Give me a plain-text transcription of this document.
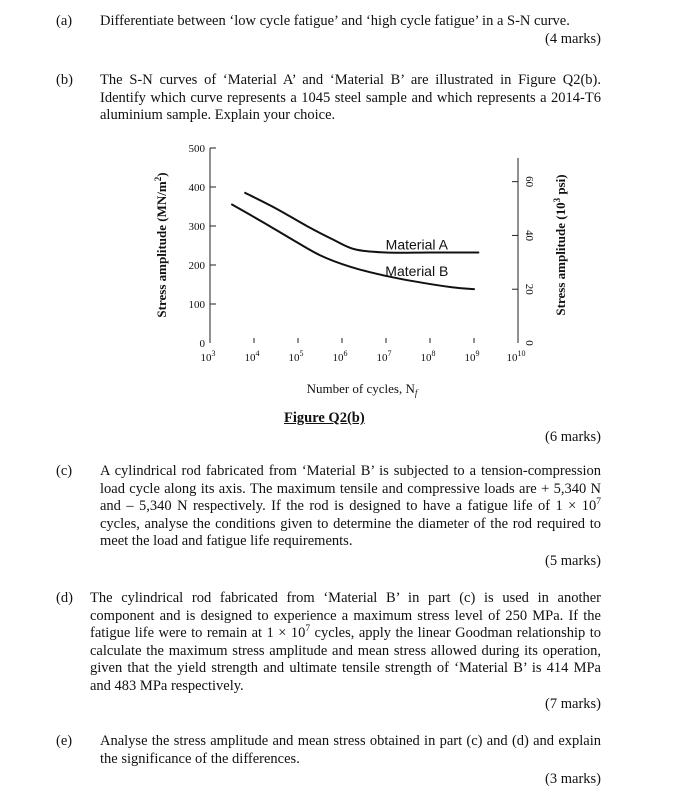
(a) Differentiate between ‘low cycle fatigue’ and ‘high cycle fatigue’ in a S-N curve.
(4 marks)
(b) The S-N curves of ‘Material A’ and ‘Material B’ are illustrated in Figure Q2(b). Identify which curve represents a 1045 steel sample and which represents a 2014-T6 aluminium sample. Explain your choice.
0
100
200
300
400
500
0
20
40
60
$10^3$	$10^4$	$10^5$	$10^6$	$10^7$	$10^8$	$10^9$ $10^{10}$
Number of cycles, $N_f$
Stress amplitude $(MN/m^2)$
Stress amplitude ($10^3$ psi)
Material A
Material B
Figure Q2(b)
(6 marks)
(c) A cylindrical rod fabricated from ‘Material B’ is subjected to a tension-compression load cycle along its axis. The maximum tensile and compressive loads are + 5,340 N and – 5,340 N respectively. If the rod is designed to have a fatigue life of $1 \times 10^7$ cycles, analyse the conditions given to determine the diameter of the rod required to meet the load and fatigue life requirements.
(5 marks)
(d) The cylindrical rod fabricated from ‘Material B’ in part (c) is used in another component and is designed to experience a maximum stress level of 250 MPa. If the fatigue life were to remain at $1 \times 10^7$ cycles, apply the linear Goodman relationship to calculate the maximum stress amplitude and mean stress allowed during its operation, given that the yield strength and ultimate tensile strength of ‘Material B’ is 414 MPa and 483 MPa respectively.
(7 marks)
(e) Analyse the stress amplitude and mean stress obtained in part (c) and (d) and explain the significance of the differences.
(3 marks)
